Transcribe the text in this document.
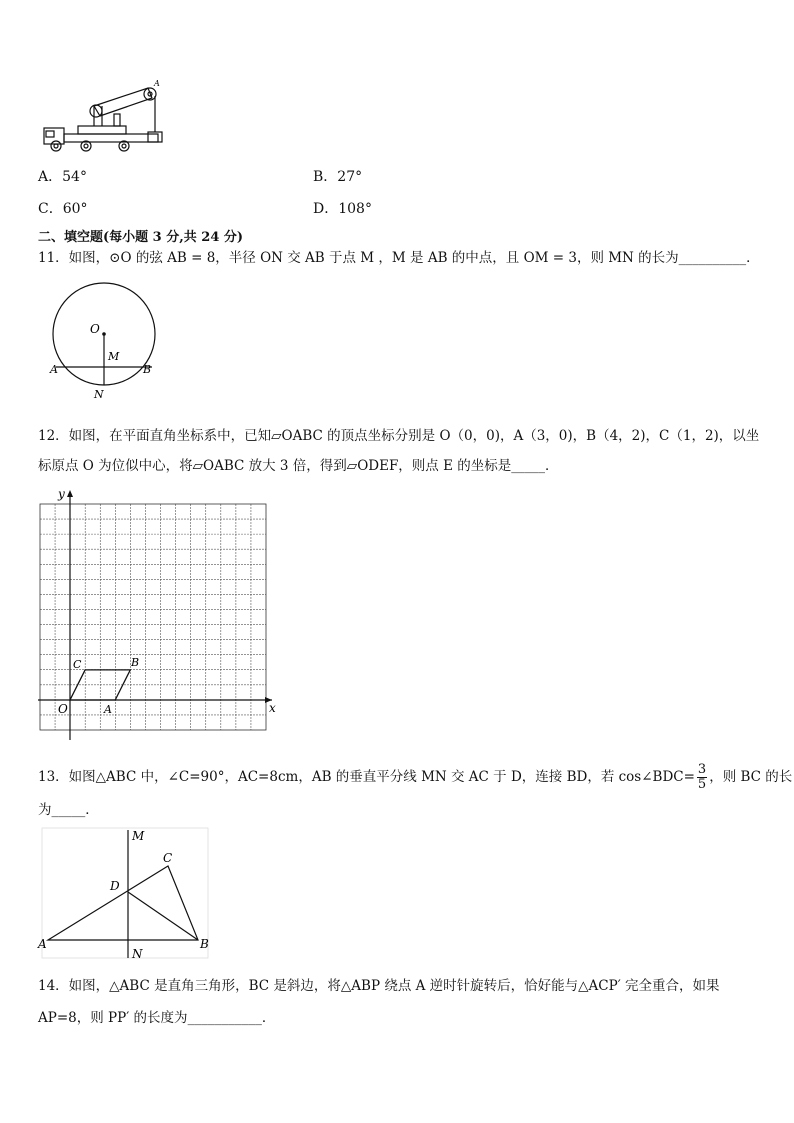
A
A．54°	B．27°
C．60°	D．108°
二、填空题(每小题 3 分,共 24 分)
11．如图，⊙O 的弦 AB = 8，半径 ON 交 AB 于点 M ，M 是 AB 的中点，且 OM = 3，则 MN 的长为__________．
O
M
A	B
N
12．如图，在平面直角坐标系中，已知▱OABC 的顶点坐标分别是 O（0，0)，A（3，0)，B（4，2)，C（1，2)，以坐
标原点 O 为位似中心，将▱OABC 放大 3 倍，得到▱ODEF，则点 E 的坐标是_____．
y
x
O	A
B
C
13．如图△ABC 中，∠C=90°，AC=8cm，AB 的垂直平分线 MN 交 AC 于 D，连接 BD，若 cos∠BDC= $\frac{3}{5}$ ，则 BC 的长
为_____．
M
C
D
A	B
N
14．如图，△ABC 是直角三角形，BC 是斜边，将△ABP 绕点 A 逆时针旋转后，恰好能与△ACP′ 完全重合，如果
AP=8，则 PP′ 的长度为___________．
